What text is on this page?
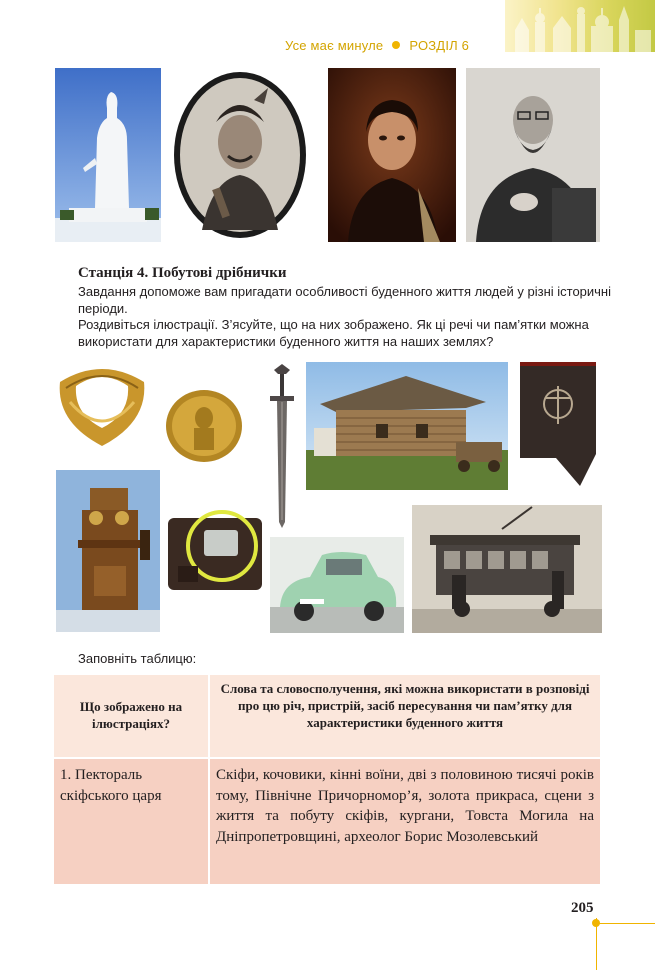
Усе має минуле РОЗДІЛ 6
Станція 4. Побутові дрібнички

Завдання допоможе вам пригадати особливості буденного життя людей у різні історичні періоди.

Роздивіться ілюстрації. З’ясуйте, що на них зображено. Як ці речі чи пам’ятки можна використати для характеристики буденного життя на наших землях?

Заповніть таблицю:
Що зображено на ілюстраціях?
Слова та словосполучення, які можна використати в розповіді про цю річ, пристрій, засіб пересування чи пам’ятку для характеристики буденного життя
1. Пектораль скіфського царя
Скіфи, кочовики, кінні воїни, дві з половиною тисячі років тому, Північне Причорномор’я, золота прикраса, сцени з життя та побуту скіфів, кургани, Товста Могила на Дніпропетровщині, археолог Борис Мозолевський
205
